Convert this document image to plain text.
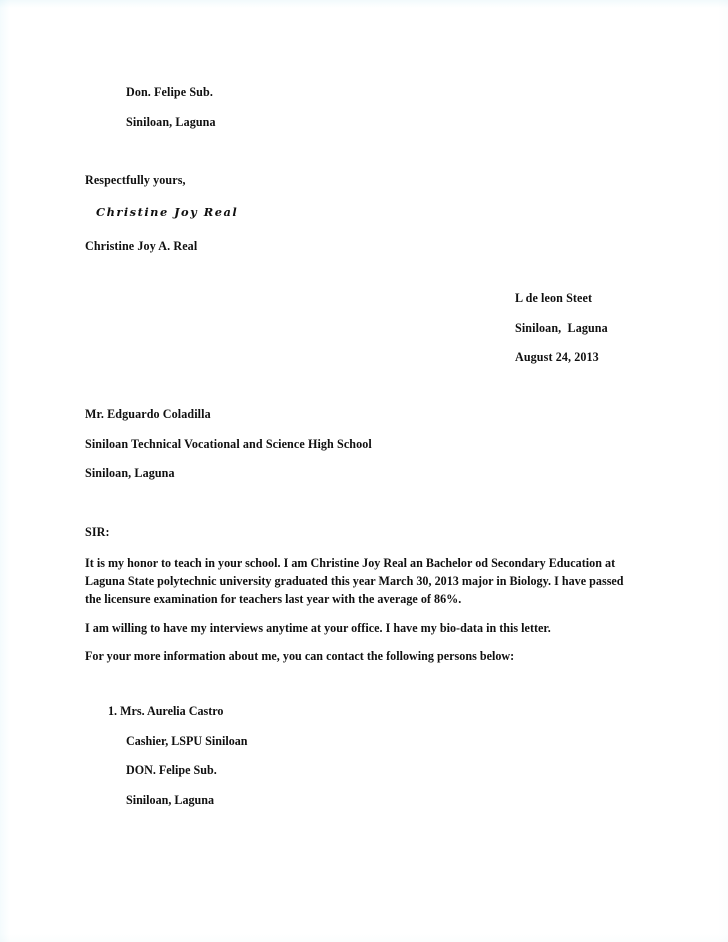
Don. Felipe Sub.
Siniloan, Laguna
Respectfully yours,
Christine Joy Real
Christine Joy A. Real
L de leon Steet
Siniloan,  Laguna
August 24, 2013
Mr. Edguardo Coladilla
Siniloan Technical Vocational and Science High School
Siniloan, Laguna
SIR:

It is my honor to teach in your school. I am Christine Joy Real an Bachelor od Secondary Education at Laguna State polytechnic university graduated this year March 30, 2013 major in Biology. I have passed the licensure examination for teachers last year with the average of 86%.

I am willing to have my interviews anytime at your office. I have my bio-data in this letter.

For your more information about me, you can contact the following persons below:

1. Mrs. Aurelia Castro
Cashier, LSPU Siniloan
DON. Felipe Sub.
Siniloan, Laguna
